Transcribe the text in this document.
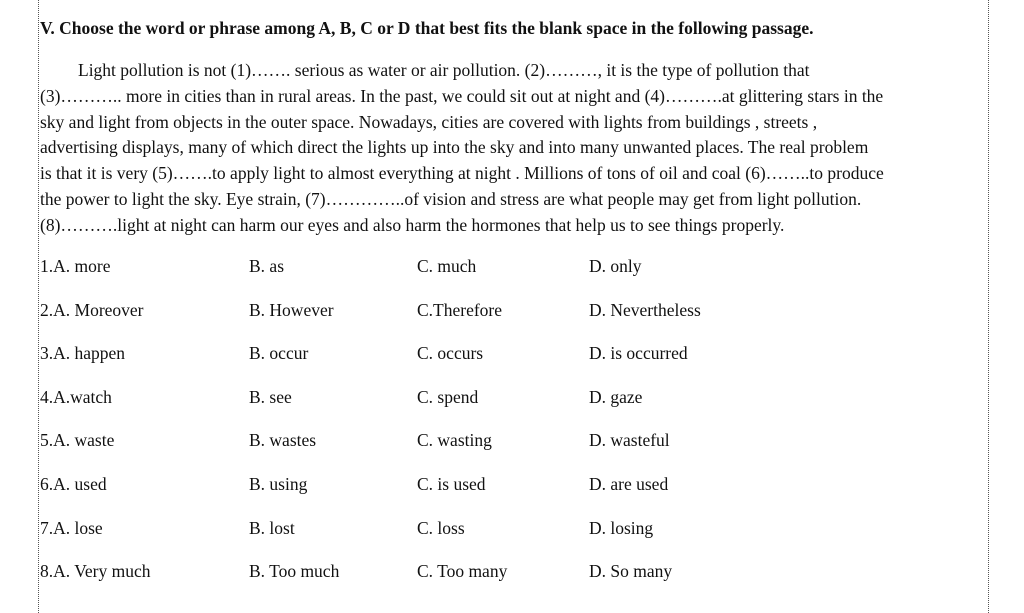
V. Choose the word or phrase among A, B, C or D that best fits the blank space in the following passage.
Light pollution is not (1)……. serious as water or air pollution. (2)………, it is the type of pollution that
(3)……….. more in cities than in rural areas. In the past, we could sit out at night and (4)……….at glittering stars in the
sky and light from objects in the outer space. Nowadays, cities are covered with lights from buildings , streets ,
advertising displays, many of which direct the lights up into the sky and into many unwanted places. The real problem
is that it is very (5)…….to apply light to almost everything at night . Millions of tons of oil and coal (6)……..to produce
the power to light the sky. Eye strain, (7)…………..of vision and stress are what people may get from light pollution.
(8)……….light at night can harm our eyes and also harm the hormones that help us to see things properly.
1.A. more	B. as	C. much	D. only
2.A. Moreover	B. However	C.Therefore	D. Nevertheless
3.A. happen	B. occur	C. occurs	D. is occurred
4.A.watch	B. see	C. spend	D. gaze
5.A. waste	B. wastes	C. wasting	D. wasteful
6.A. used	B. using	C. is used	D. are used
7.A. lose	B. lost	C. loss	D. losing
8.A. Very much	B. Too much	C. Too many	D. So many
